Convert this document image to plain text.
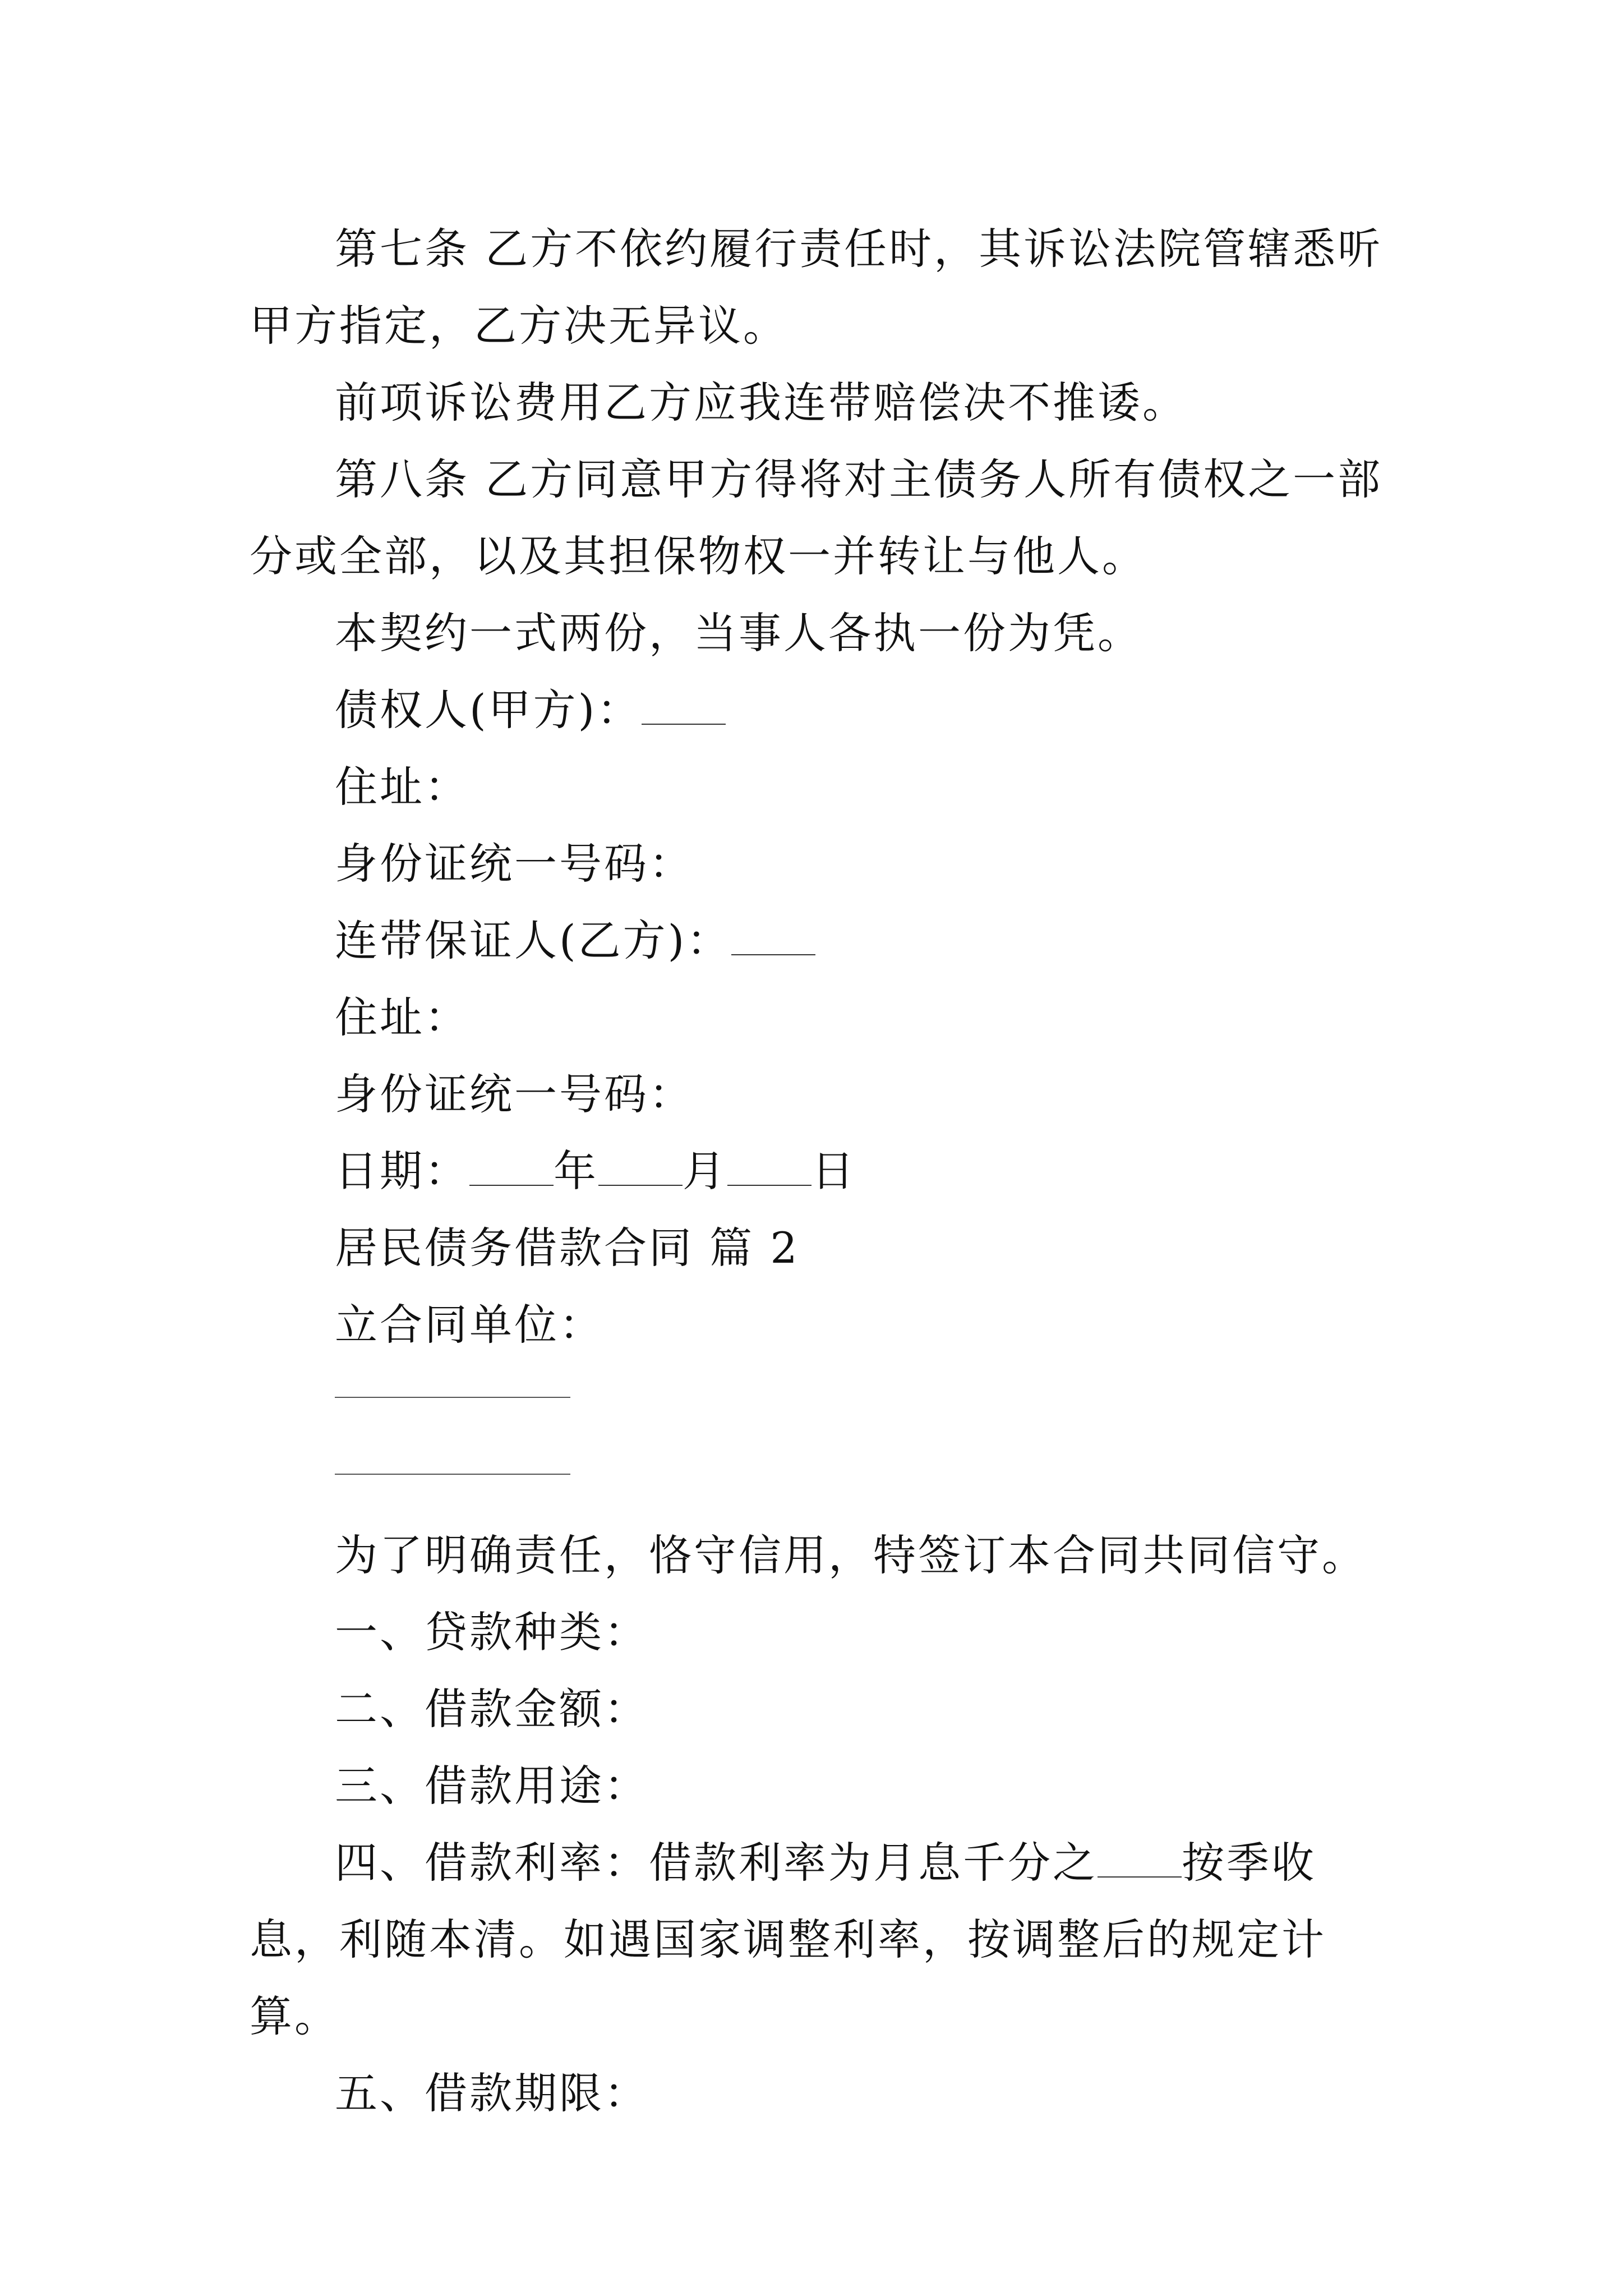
第七条 乙方不依约履行责任时，其诉讼法院管辖悉听甲方指定，乙方决无异议。

前项诉讼费用乙方应我连带赔偿决不推诿。

第八条 乙方同意甲方得将对主债务人所有债权之一部分或全部，以及其担保物权一并转让与他人。

本契约一式两份，当事人各执一份为凭。

债权人(甲方)：

住址：

身份证统一号码：

连带保证人(乙方)：

住址：

身份证统一号码：

日期： 年 月 日

居民债务借款合同 篇 2

立合同单位：

为了明确责任，恪守信用，特签订本合同共同信守。

一、贷款种类：

二、借款金额：

三、借款用途：

四、借款利率：借款利率为月息千分之 按季收息，利随本清。如遇国家调整利率，按调整后的规定计算。

五、借款期限：
